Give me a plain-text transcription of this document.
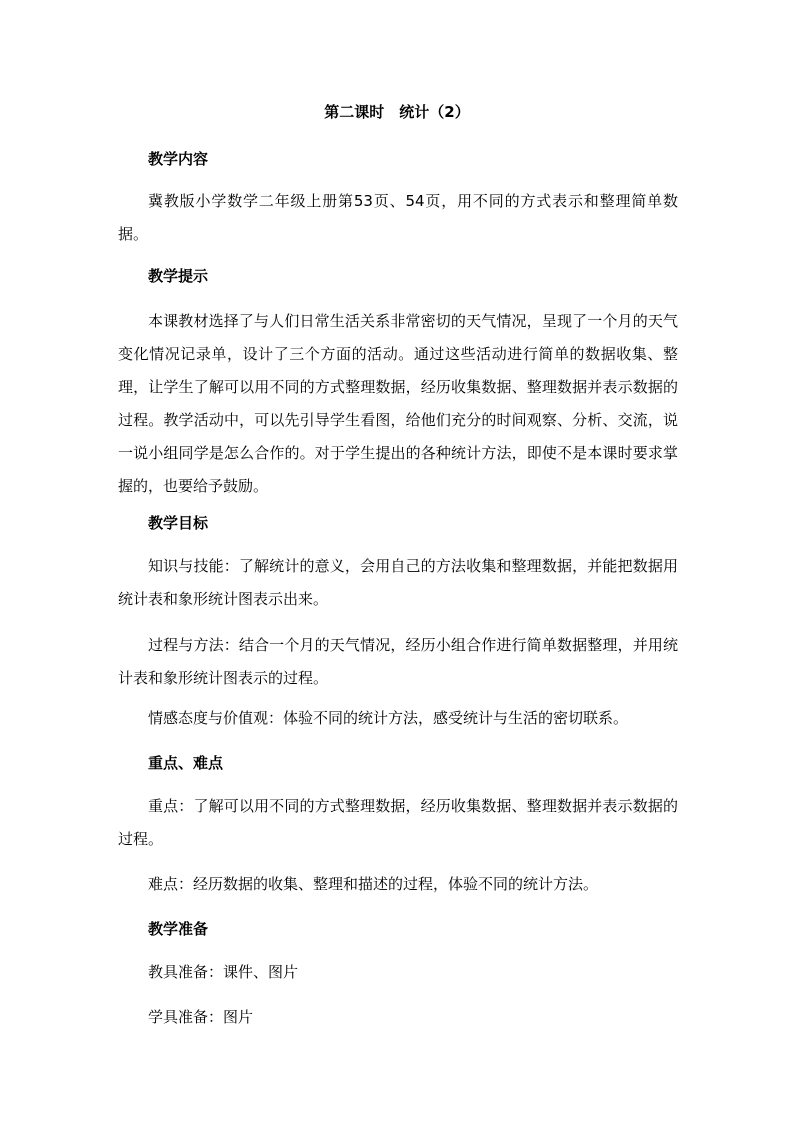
第二课时　统计（2）
教学内容
冀教版小学数学二年级上册第53页、54页，用不同的方式表示和整理简单数据。
教学提示
本课教材选择了与人们日常生活关系非常密切的天气情况，呈现了一个月的天气变化情况记录单，设计了三个方面的活动。通过这些活动进行简单的数据收集、整理，让学生了解可以用不同的方式整理数据，经历收集数据、整理数据并表示数据的过程。教学活动中，可以先引导学生看图，给他们充分的时间观察、分析、交流，说一说小组同学是怎么合作的。对于学生提出的各种统计方法，即使不是本课时要求掌握的，也要给予鼓励。
教学目标
知识与技能：了解统计的意义，会用自己的方法收集和整理数据，并能把数据用统计表和象形统计图表示出来。
过程与方法：结合一个月的天气情况，经历小组合作进行简单数据整理，并用统计表和象形统计图表示的过程。
情感态度与价值观：体验不同的统计方法，感受统计与生活的密切联系。
重点、难点
重点：了解可以用不同的方式整理数据，经历收集数据、整理数据并表示数据的过程。
难点：经历数据的收集、整理和描述的过程，体验不同的统计方法。
教学准备
教具准备：课件、图片
学具准备：图片
